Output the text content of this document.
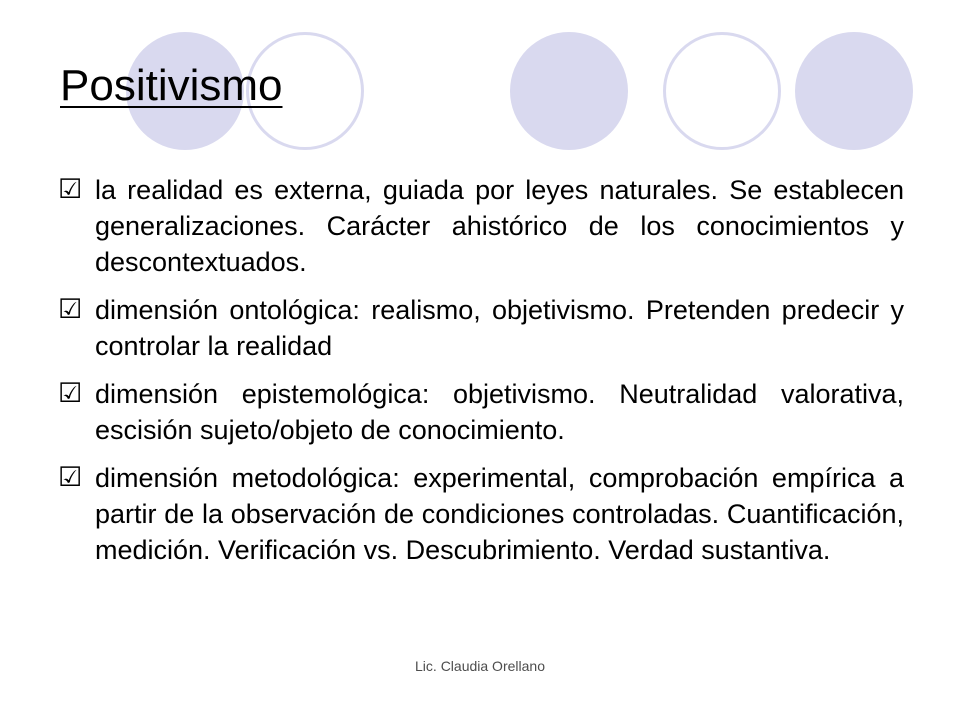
Positivismo
☑ la realidad es externa, guiada por leyes naturales. Se establecen generalizaciones. Carácter ahistórico de los conocimientos y descontextuados.
☑ dimensión ontológica: realismo, objetivismo. Pretenden predecir y controlar la realidad
☑ dimensión epistemológica: objetivismo. Neutralidad valorativa, escisión sujeto/objeto de conocimiento.
☑ dimensión metodológica: experimental, comprobación empírica a partir de la observación de condiciones controladas. Cuantificación, medición. Verificación vs. Descubrimiento. Verdad sustantiva.
Lic. Claudia Orellano
